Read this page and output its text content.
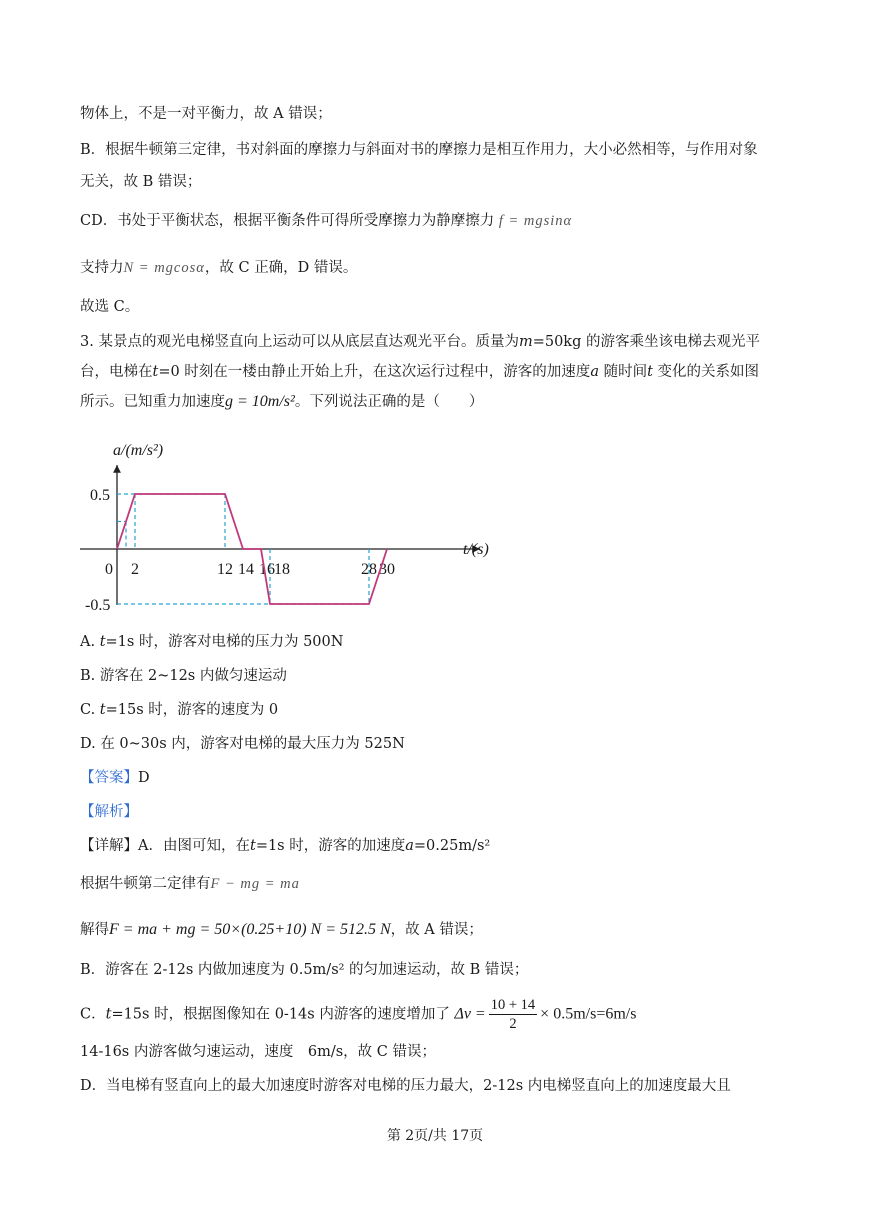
物体上，不是一对平衡力，故 A 错误；
B．根据牛顿第三定律，书对斜面的摩擦力与斜面对书的摩擦力是相互作用力，大小必然相等，与作用对象
无关，故 B 错误；
CD．书处于平衡状态，根据平衡条件可得所受摩擦力为静摩擦力 f = mgsinα
支持力N = mgcosα，故 C 正确，D 错误。
故选 C。
3. 某景点的观光电梯竖直向上运动可以从底层直达观光平台。质量为m=50kg 的游客乘坐该电梯去观光平
台，电梯在t=0 时刻在一楼由静止开始上升，在这次运行过程中，游客的加速度a 随时间t 变化的关系如图
所示。已知重力加速度g = 10m/s²。下列说法正确的是（　　）
a/(m/s²)
t/(s)
0 2	12 14 16 18	28 30
0.5
-0.5
A. t=1s 时，游客对电梯的压力为 500N
B. 游客在 2~12s 内做匀速运动
C. t=15s 时，游客的速度为 0
D. 在 0~30s 内，游客对电梯的最大压力为 525N
【答案】D
【解析】
【详解】A．由图可知，在t=1s 时，游客的加速度a=0.25m/s²
根据牛顿第二定律有F − mg = ma
解得F = ma + mg = 50×(0.25+10) N = 512.5 N，故 A 错误；
B．游客在 2-12s 内做加速度为 0.5m/s² 的匀加速运动，故 B 错误；
C．t=15s 时，根据图像知在 0-14s 内游客的速度增加了 $\Delta v = \frac{10 + 14}{2} \times 0.5m/s=6m/s$
14-16s 内游客做匀速运动，速度　6m/s，故 C 错误；
D．当电梯有竖直向上的最大加速度时游客对电梯的压力最大，2-12s 内电梯竖直向上的加速度最大且
第 2页/共 17页
